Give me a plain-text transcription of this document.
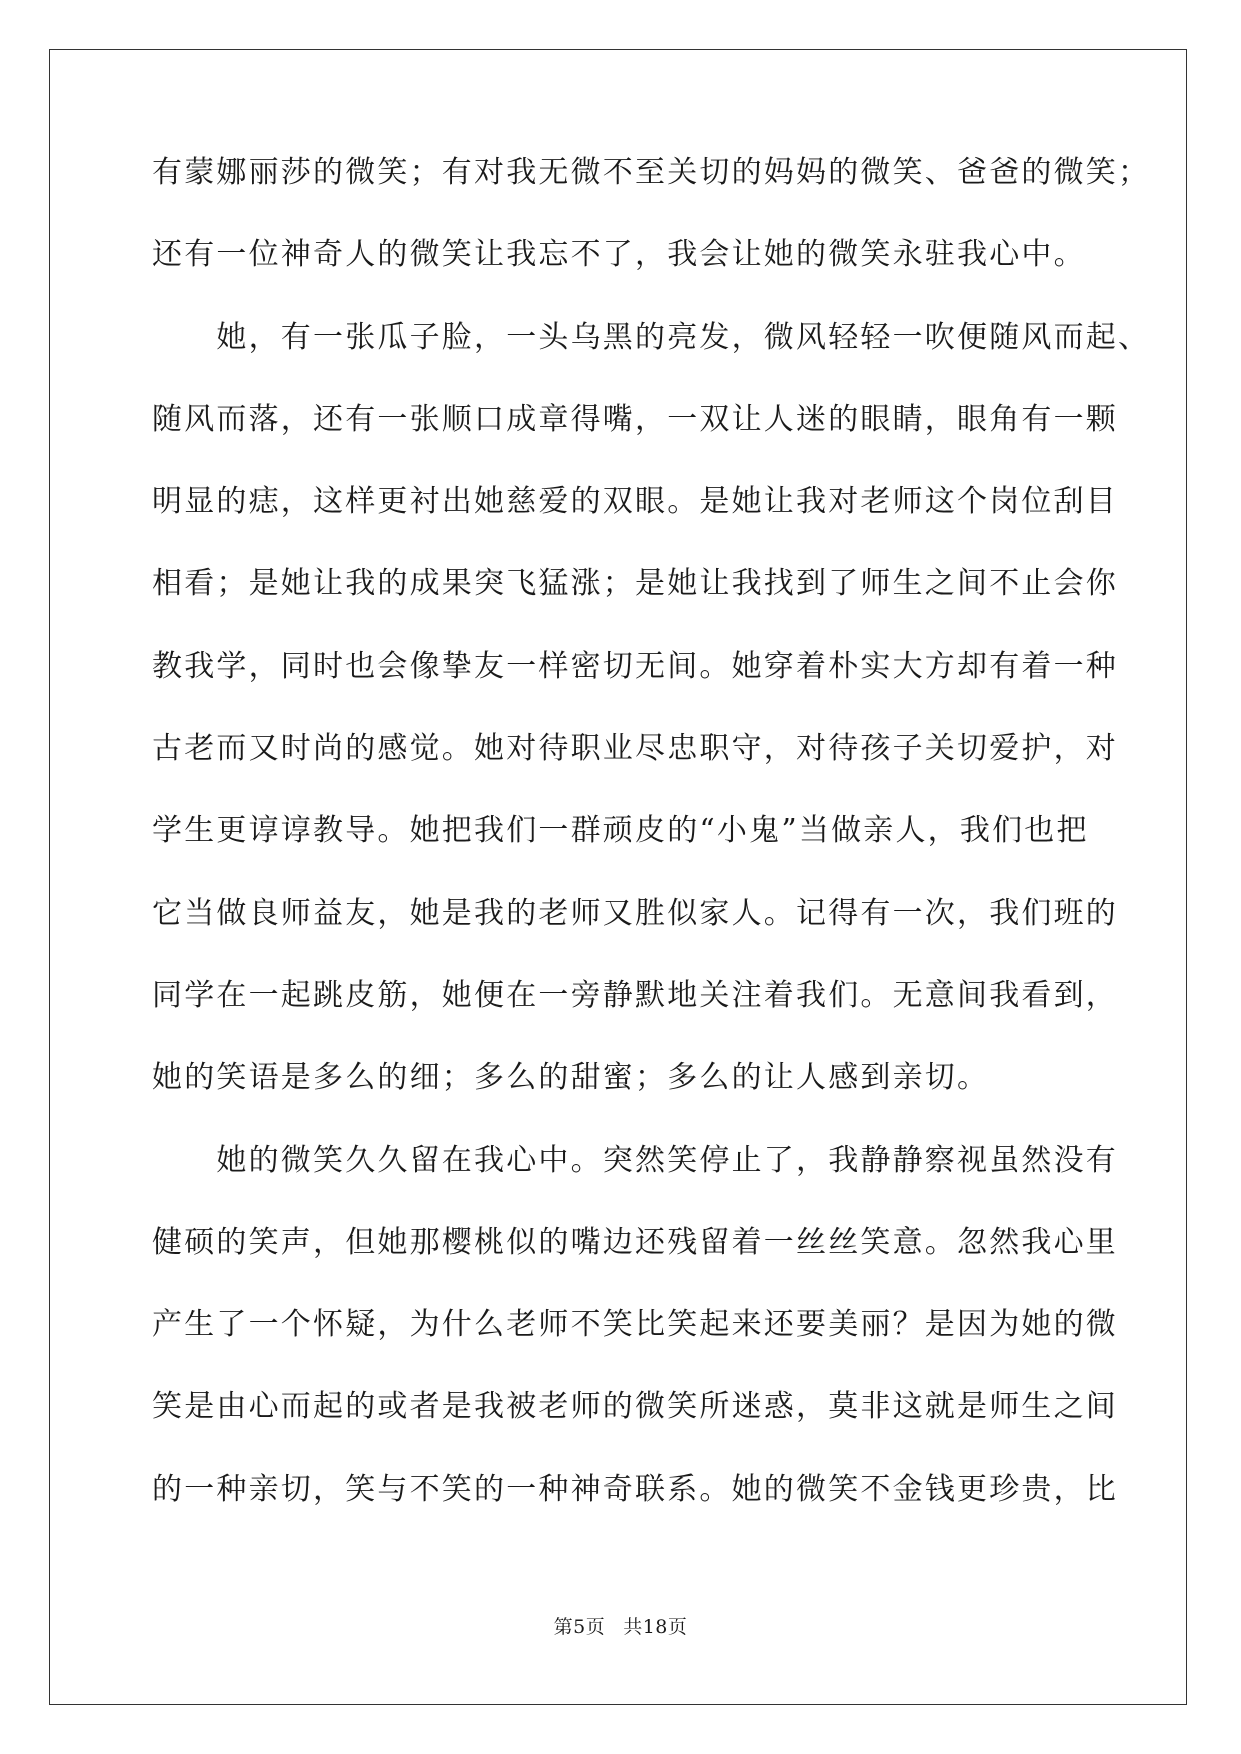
有蒙娜丽莎的微笑；有对我无微不至关切的妈妈的微笑、爸爸的微笑；
还有一位神奇人的微笑让我忘不了，我会让她的微笑永驻我心中。
　　她，有一张瓜子脸，一头乌黑的亮发，微风轻轻一吹便随风而起、
随风而落，还有一张顺口成章得嘴，一双让人迷的眼睛，眼角有一颗
明显的痣，这样更衬出她慈爱的双眼。是她让我对老师这个岗位刮目
相看；是她让我的成果突飞猛涨；是她让我找到了师生之间不止会你
教我学，同时也会像挚友一样密切无间。她穿着朴实大方却有着一种
古老而又时尚的感觉。她对待职业尽忠职守，对待孩子关切爱护，对
学生更谆谆教导。她把我们一群顽皮的“小鬼”当做亲人，我们也把
它当做良师益友，她是我的老师又胜似家人。记得有一次，我们班的
同学在一起跳皮筋，她便在一旁静默地关注着我们。无意间我看到，
她的笑语是多么的细；多么的甜蜜；多么的让人感到亲切。
　　她的微笑久久留在我心中。突然笑停止了，我静静察视虽然没有
健硕的笑声，但她那樱桃似的嘴边还残留着一丝丝笑意。忽然我心里
产生了一个怀疑，为什么老师不笑比笑起来还要美丽？是因为她的微
笑是由心而起的或者是我被老师的微笑所迷惑，莫非这就是师生之间
的一种亲切，笑与不笑的一种神奇联系。她的微笑不金钱更珍贵，比
第5页 共18页
